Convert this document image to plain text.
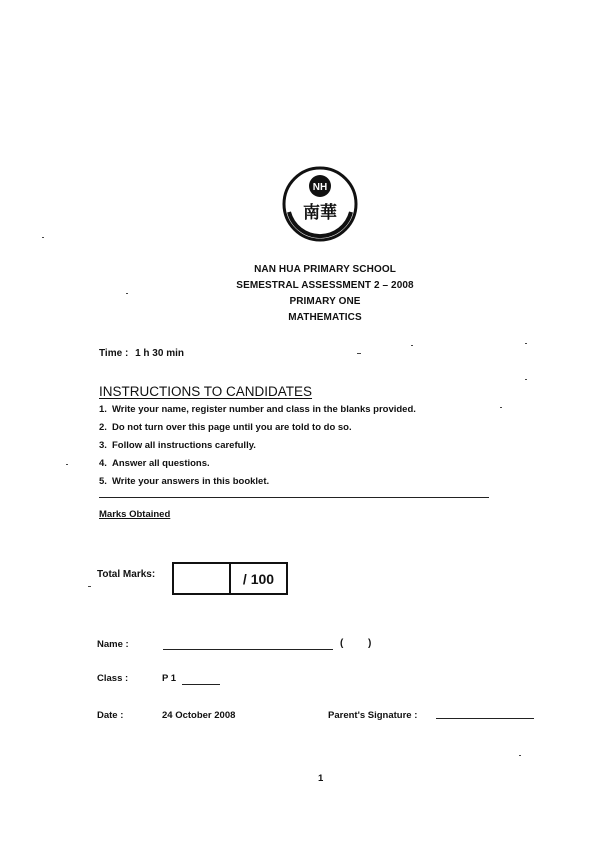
NH
南華
NAN HUA PRIMARY SCHOOL
SEMESTRAL ASSESSMENT 2 – 2008
PRIMARY ONE
MATHEMATICS
Time : 1 h 30 min
INSTRUCTIONS TO CANDIDATES
1. Write your name, register number and class in the blanks provided.
2. Do not turn over this page until you are told to do so.
3. Follow all instructions carefully.
4. Answer all questions.
5. Write your answers in this booklet.
Marks Obtained
Total Marks:	/ 100
Name :	( )
Class :	P 1
Date :	24 October 2008	Parent's Signature :
1
